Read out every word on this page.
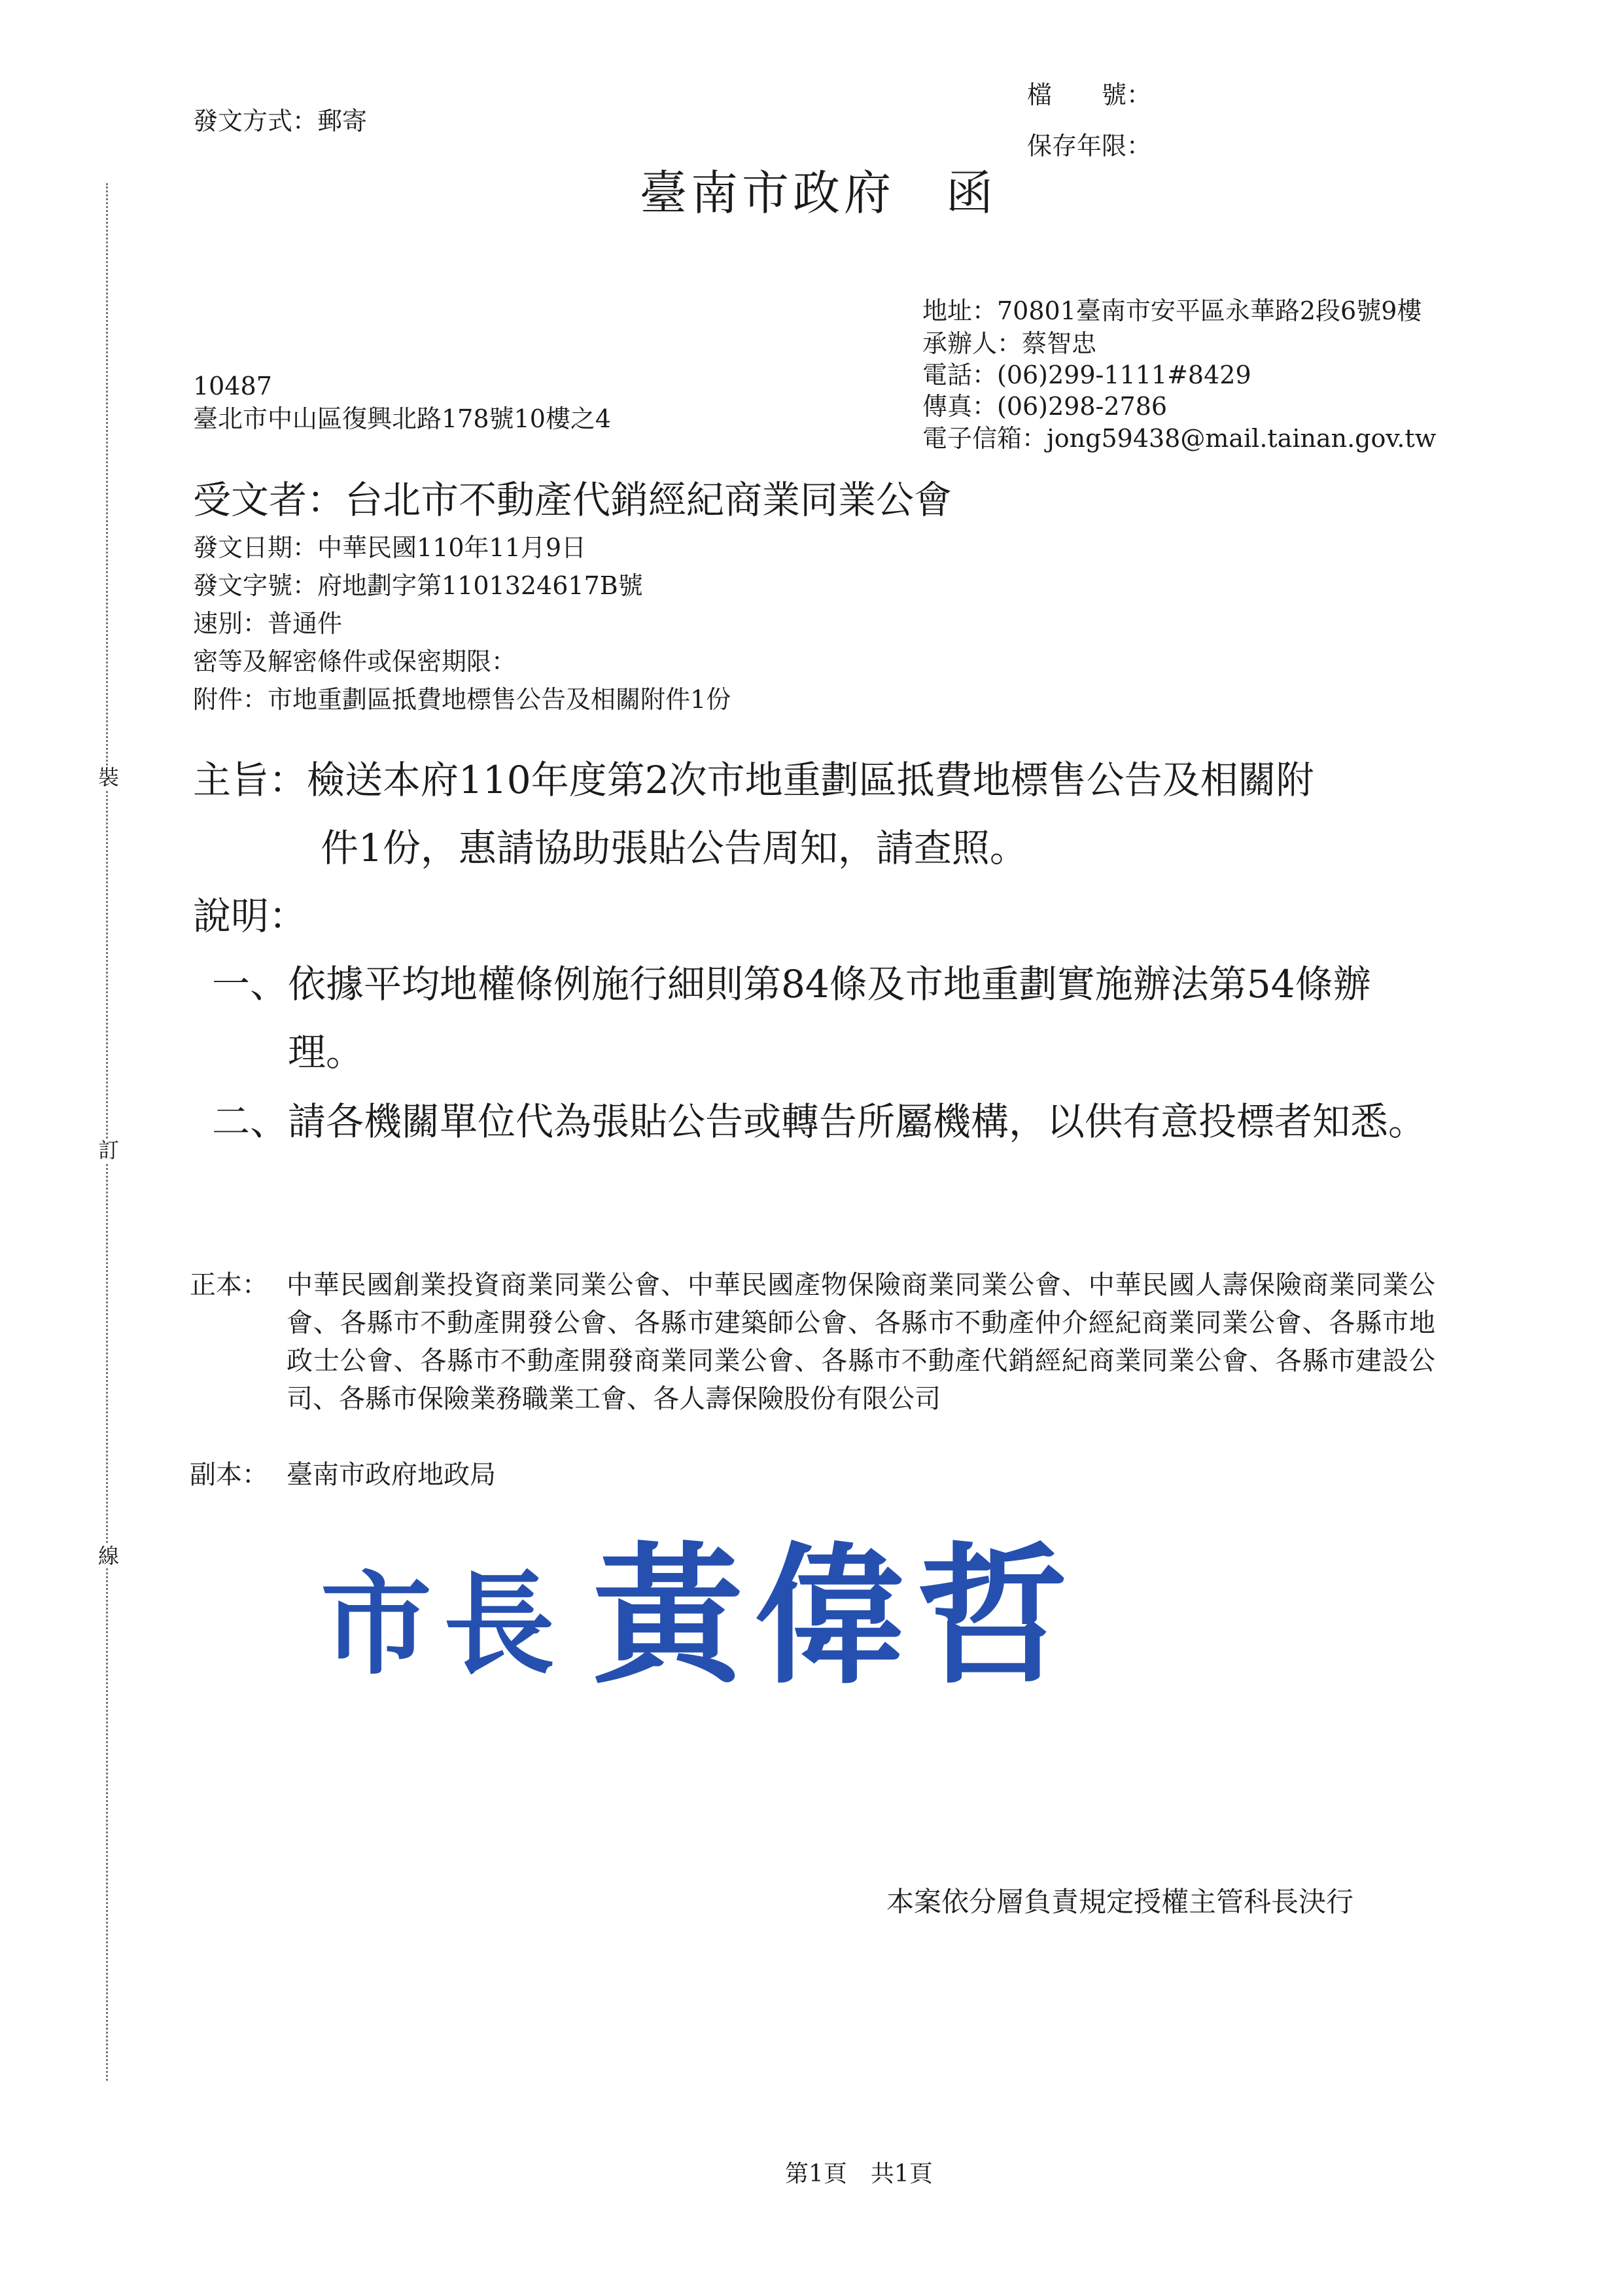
裝
訂
線
發文方式：郵寄
檔　　號：
保存年限：
臺南市政府　函
地址：70801臺南市安平區永華路2段6號9樓
承辦人：蔡智忠
電話：(06)299-1111#8429
傳真：(06)298-2786
電子信箱：jong59438@mail.tainan.gov.tw
10487
臺北市中山區復興北路178號10樓之4
受文者：台北市不動產代銷經紀商業同業公會
發文日期：中華民國110年11月9日
發文字號：府地劃字第1101324617B號
速別：普通件
密等及解密條件或保密期限：
附件：市地重劃區抵費地標售公告及相關附件1份
主旨：檢送本府110年度第2次市地重劃區抵費地標售公告及相關附
件1份，惠請協助張貼公告周知，請查照。
說明：
一、 依據平均地權條例施行細則第84條及市地重劃實施辦法第54條辦理。
二、 請各機關單位代為張貼公告或轉告所屬機構，以供有意投標者知悉。
正本： 中華民國創業投資商業同業公會、中華民國產物保險商業同業公會、中華民國人壽保險商業同業公會、各縣市不動產開發公會、各縣市建築師公會、各縣市不動產仲介經紀商業同業公會、各縣市地政士公會、各縣市不動產開發商業同業公會、各縣市不動產代銷經紀商業同業公會、各縣市建設公司、各縣市保險業務職業工會、各人壽保險股份有限公司
副本： 臺南市政府地政局
市長 黃偉哲
本案依分層負責規定授權主管科長決行
第1頁　共1頁
